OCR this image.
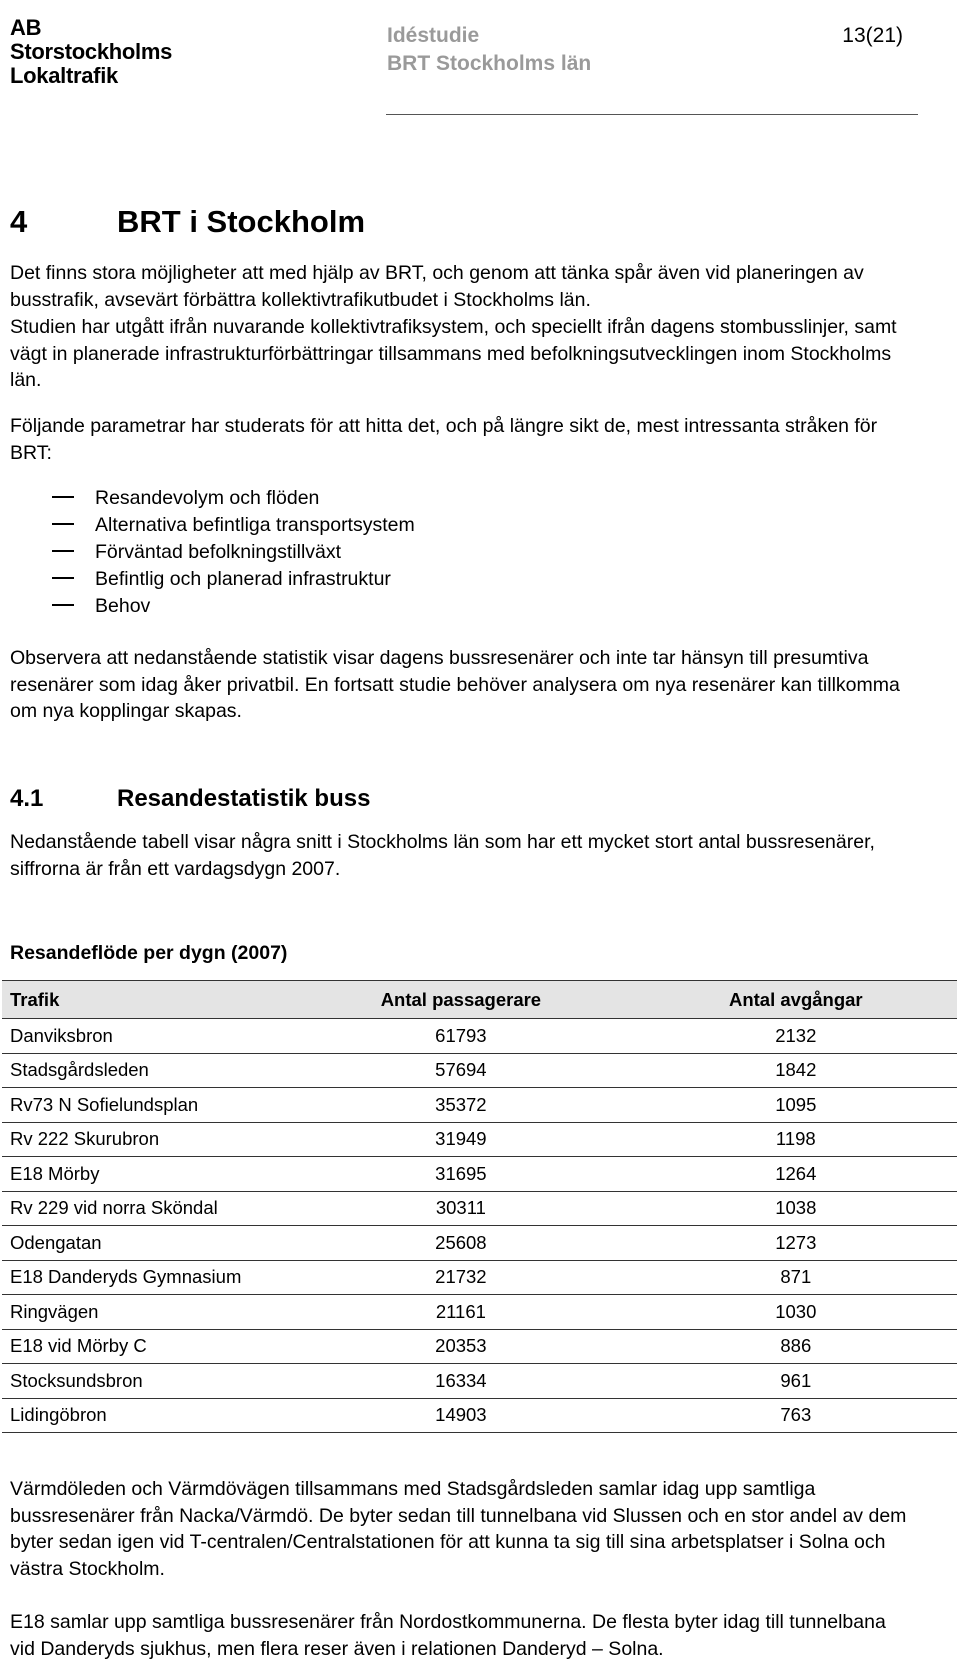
AB
Storstockholms
Lokaltrafik
Idéstudie
BRT Stockholms län
13(21)
4	BRT i Stockholm
Det finns stora möjligheter att med hjälp av BRT, och genom att tänka spår även vid planeringen av busstrafik, avsevärt förbättra kollektivtrafikutbudet i Stockholms län.
Studien har utgått ifrån nuvarande kollektivtrafiksystem, och speciellt ifrån dagens stombusslinjer, samt vägt in planerade infrastrukturförbättringar tillsammans med befolkningsutvecklingen inom Stockholms län.
Följande parametrar har studerats för att hitta det, och på längre sikt de, mest intressanta stråken för BRT:
Resandevolym och flöden
Alternativa befintliga transportsystem
Förväntad befolkningstillväxt
Befintlig och planerad infrastruktur
Behov
Observera att nedanstående statistik visar dagens bussresenärer och inte tar hänsyn till presumtiva resenärer som idag åker privatbil. En fortsatt studie behöver analysera om nya resenärer kan tillkomma om nya kopplingar skapas.
4.1	Resandestatistik buss
Nedanstående tabell visar några snitt i Stockholms län som har ett mycket stort antal bussresenärer, siffrorna är från ett vardagsdygn 2007.
Resandeflöde per dygn (2007)
Trafik	Antal passagerare	Antal avgångar
Danviksbron	61793	2132
Stadsgårdsleden	57694	1842
Rv73 N Sofielundsplan	35372	1095
Rv 222 Skurubron	31949	1198
E18 Mörby	31695	1264
Rv 229 vid norra Sköndal	30311	1038
Odengatan	25608	1273
E18 Danderyds Gymnasium	21732	871
Ringvägen	21161	1030
E18 vid Mörby C	20353	886
Stocksundsbron	16334	961
Lidingöbron	14903	763
Värmdöleden och Värmdövägen tillsammans med Stadsgårdsleden samlar idag upp samtliga bussresenärer från Nacka/Värmdö. De byter sedan till tunnelbana vid Slussen och en stor andel av dem byter sedan igen vid T-centralen/Centralstationen för att kunna ta sig till sina arbetsplatser i Solna och västra Stockholm.
E18 samlar upp samtliga bussresenärer från Nordostkommunerna. De flesta byter idag till tunnelbana vid Danderyds sjukhus, men flera reser även i relationen Danderyd – Solna.
